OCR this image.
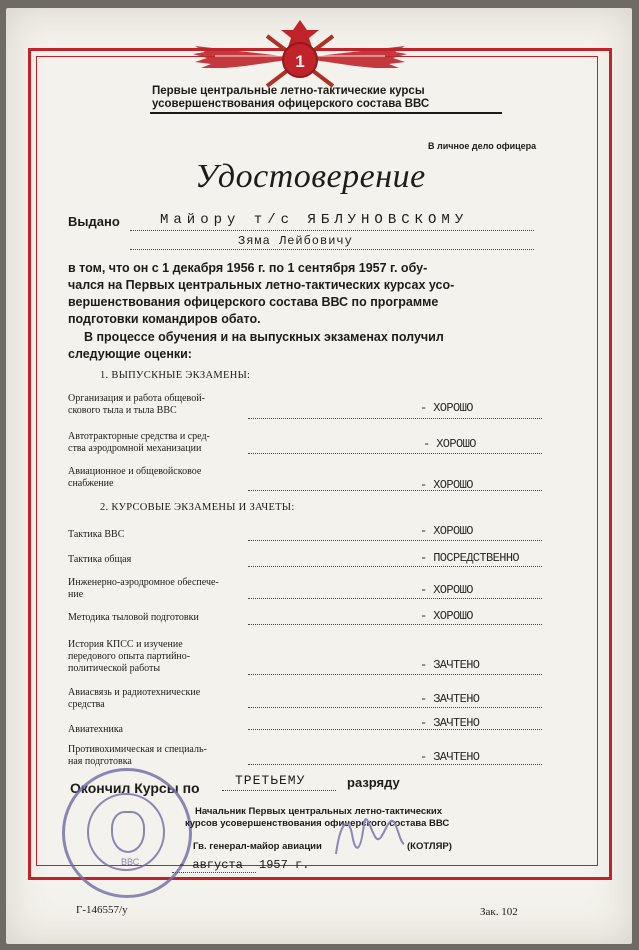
1
Первые центральные летно-тактические курсы
усовершенствования офицерского состава ВВС
В личное дело офицера
Удостоверение
Выдано	Майору т/с ЯБЛУНОВСКОМУ
Зяма Лейбовичу
в том, что он с 1 декабря 1956 г. по 1 сентября 1957 г. обу-
чался на Первых центральных летно-тактических курсах усо-
вершенствования офицерского состава ВВС по программе
подготовки командиров обато.
В процессе обучения и на выпускных экзаменах получил
следующие оценки:
1. ВЫПУСКНЫЕ ЭКЗАМЕНЫ:
Организация и работа общевой-
скового тыла и тыла ВВС	- ХОРОШО
Автотракторные средства и сред-
ства аэродромной механизации	- ХОРОШО
Авиационное и общевойсковое
снабжение	- ХОРОШО
2. КУРСОВЫЕ ЭКЗАМЕНЫ И ЗАЧЕТЫ:
Тактика ВВС	- ХОРОШО
Тактика общая	- ПОСРЕДСТВЕННО
Инженерно-аэродромное обеспече-
ние	- ХОРОШО
Методика тыловой подготовки	- ХОРОШО
История КПСС и изучение
передового опыта партийно-
политической работы	- ЗАЧТЕНО
Авиасвязь и радиотехнические
средства	- ЗАЧТЕНО
Авиатехника	- ЗАЧТЕНО
Противохимическая и специаль-
ная подготовка	- ЗАЧТЕНО
Окончил Курсы по	ТРЕТЬЕМУ	разряду
ВВС
Начальник Первых центральных летно-тактических
курсов усовершенствования офицерского состава ВВС
Гв. генерал-майор авиации	(КОТЛЯР)
- августа 1957 г.
Г-146557/у	Зак. 102
